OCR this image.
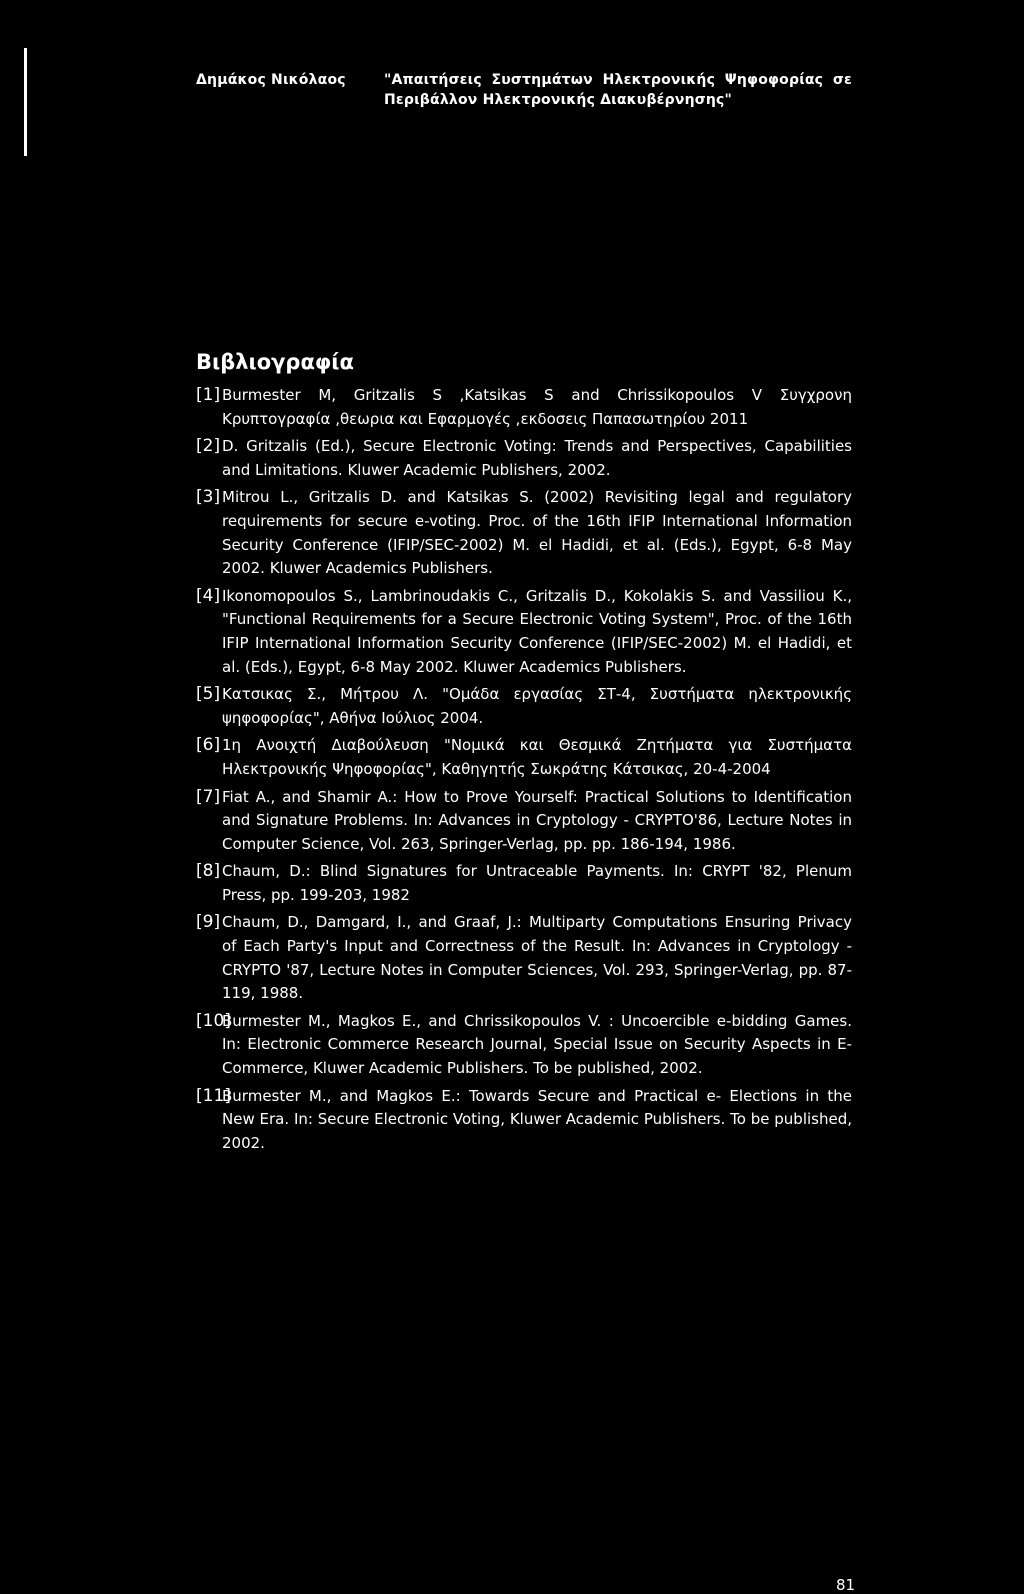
Δημάκος Νικόλαος	"Απαιτήσεις Συστημάτων Ηλεκτρονικής Ψηφοφορίας σε
Περιβάλλον Ηλεκτρονικής Διακυβέρνησης"
Βιβλιογραφία
[1] Burmester M, Gritzalis S ,Katsikas S and Chrissikopoulos V Συγχρονη Κρυπτογραφία ,θεωρια και Εφαρμογές ,εκδοσεις Παπασωτηρίου 2011
[2] D. Gritzalis (Ed.), Secure Electronic Voting: Trends and Perspectives, Capabilities and Limitations. Kluwer Academic Publishers, 2002.
[3] Mitrou L., Gritzalis D. and Katsikas S. (2002) Revisiting legal and regulatory requirements for secure e-voting. Proc. of the 16th IFIP International Information Security Conference (IFIP/SEC-2002) M. el Hadidi, et al. (Eds.), Egypt, 6-8 May 2002. Kluwer Academics Publishers.
[4] Ikonomopoulos S., Lambrinoudakis C., Gritzalis D., Kokolakis S. and Vassiliou K., "Functional Requirements for a Secure Electronic Voting System", Proc. of the 16th IFIP International Information Security Conference (IFIP/SEC-2002) M. el Hadidi, et al. (Eds.), Egypt, 6-8 May 2002. Kluwer Academics Publishers.
[5] Κατσικας Σ., Μήτρου Λ. "Ομάδα εργασίας ΣΤ-4, Συστήματα ηλεκτρονικής ψηφοφορίας", Αθήνα Ιούλιος 2004.
[6] 1η Ανοιχτή Διαβούλευση "Νομικά και Θεσμικά Ζητήματα για Συστήματα Ηλεκτρονικής Ψηφοφορίας", Καθηγητής Σωκράτης Κάτσικας, 20-4-2004
[7] Fiat A., and Shamir A.: How to Prove Yourself: Practical Solutions to Identification and Signature Problems. In: Advances in Cryptology - CRYPTO'86, Lecture Notes in Computer Science, Vol. 263, Springer-Verlag, pp. pp. 186-194, 1986.
[8] Chaum, D.: Blind Signatures for Untraceable Payments. In: CRYPT '82, Plenum Press, pp. 199-203, 1982
[9] Chaum, D., Damgard, I., and Graaf, J.: Multiparty Computations Ensuring Privacy of Each Party's Input and Correctness of the Result. In: Advances in Cryptology - CRYPTO '87, Lecture Notes in Computer Sciences, Vol. 293, Springer-Verlag, pp. 87-119, 1988.
[10]
Burmester M., Magkos E., and Chrissikopoulos V. : Uncoercible e-bidding Games. In: Electronic Commerce Research Journal, Special Issue on Security Aspects in E-Commerce, Kluwer Academic Publishers. To be published, 2002.
[11]
Burmester M., and Magkos E.: Towards Secure and Practical e- Elections in the New Era. In: Secure Electronic Voting, Kluwer Academic Publishers. To be published, 2002.
81
